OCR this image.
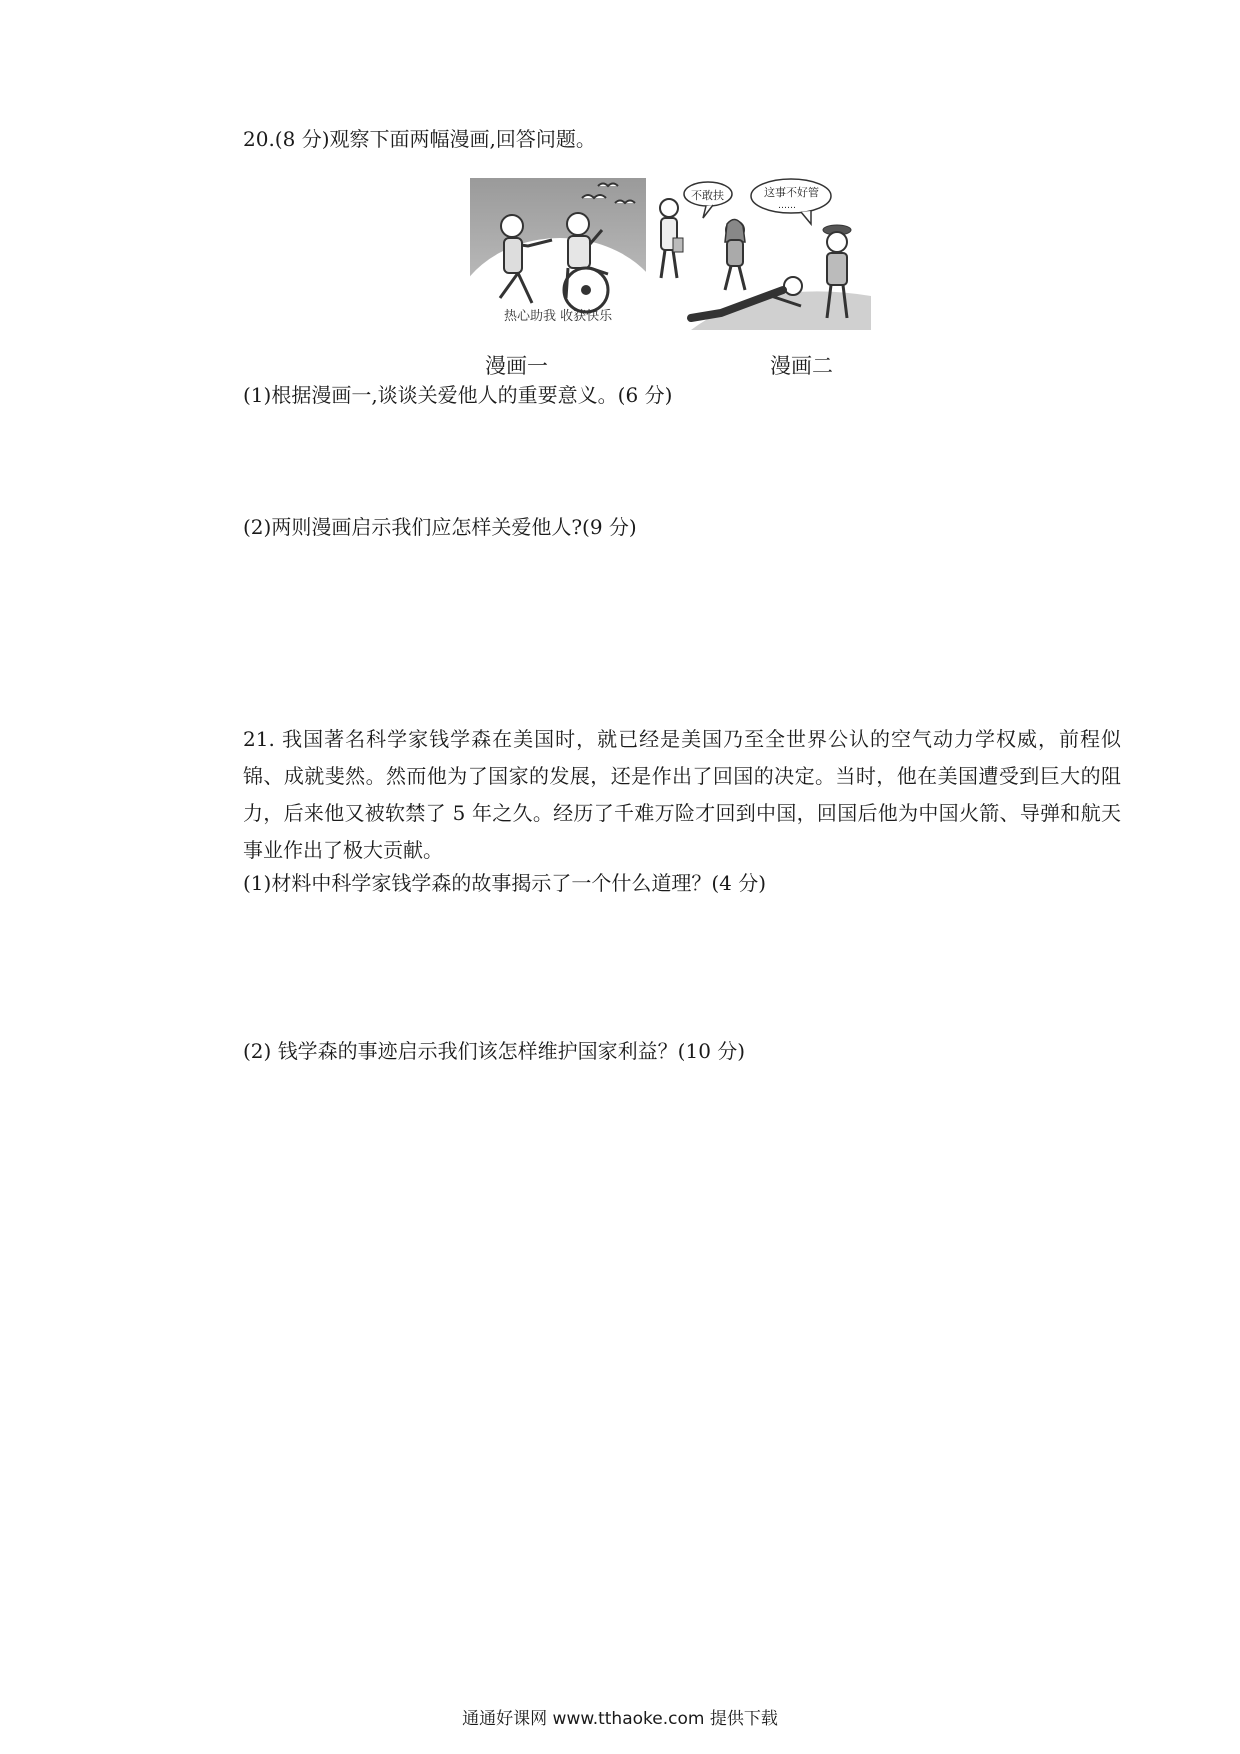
20.(8 分)观察下面两幅漫画,回答问题。
热心助我 收获快乐
不敢扶	这事不好管
……
漫画一	漫画二
(1)根据漫画一,谈谈关爱他人的重要意义。(6 分)
(2)两则漫画启示我们应怎样关爱他人?(9 分)
21. 我国著名科学家钱学森在美国时，就已经是美国乃至全世界公认的空气动力学权威，前程似锦、成就斐然。然而他为了国家的发展，还是作出了回国的决定。当时，他在美国遭受到巨大的阻力，后来他又被软禁了 5 年之久。经历了千难万险才回到中国，回国后他为中国火箭、导弹和航天事业作出了极大贡献。
(1)材料中科学家钱学森的故事揭示了一个什么道理？(4 分)
(2) 钱学森的事迹启示我们该怎样维护国家利益？(10 分)
通通好课网 www.tthaoke.com 提供下载
